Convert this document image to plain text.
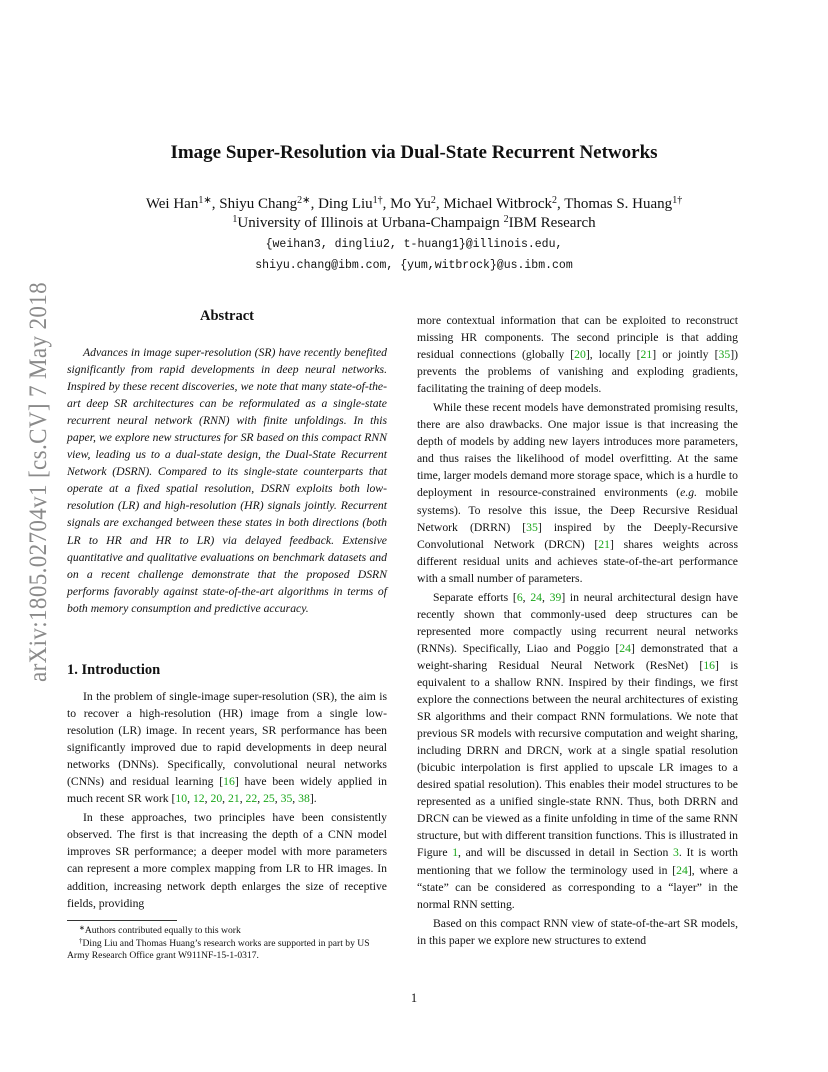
arXiv:1805.02704v1 [cs.CV] 7 May 2018
Image Super-Resolution via Dual-State Recurrent Networks
Wei Han$^{1∗}$, Shiyu Chang$^{2∗}$, Ding Liu$^{1\dagger}$, Mo Yu$^2$, Michael Witbrock$^2$, Thomas S. Huang$^{1\dagger}$
$^1$University of Illinois at Urbana-Champaign $^2$IBM Research
{weihan3, dingliu2, t-huang1}@illinois.edu,
shiyu.chang@ibm.com, {yum,witbrock}@us.ibm.com
Abstract

Advances in image super-resolution (SR) have recently benefited significantly from rapid developments in deep neural networks. Inspired by these recent discoveries, we note that many state-of-the-art deep SR architectures can be reformulated as a single-state recurrent neural network (RNN) with finite unfoldings. In this paper, we explore new structures for SR based on this compact RNN view, leading us to a dual-state design, the Dual-State Recurrent Network (DSRN). Compared to its single-state counterparts that operate at a fixed spatial resolution, DSRN exploits both low-resolution (LR) and high-resolution (HR) signals jointly. Recurrent signals are exchanged between these states in both directions (both LR to HR and HR to LR) via delayed feedback. Extensive quantitative and qualitative evaluations on benchmark datasets and on a recent challenge demonstrate that the proposed DSRN performs favorably against state-of-the-art algorithms in terms of both memory consumption and predictive accuracy.

1. Introduction

In the problem of single-image super-resolution (SR), the aim is to recover a high-resolution (HR) image from a single low-resolution (LR) image. In recent years, SR performance has been significantly improved due to rapid developments in deep neural networks (DNNs). Specifically, convolutional neural networks (CNNs) and residual learning [16] have been widely applied in much recent SR work [10, 12, 20, 21, 22, 25, 35, 38].

In these approaches, two principles have been consistently observed. The first is that increasing the depth of a CNN model improves SR performance; a deeper model with more parameters can represent a more complex mapping from LR to HR images. In addition, increasing network depth enlarges the size of receptive fields, providing

more contextual information that can be exploited to reconstruct missing HR components. The second principle is that adding residual connections (globally [20], locally [21] or jointly [35]) prevents the problems of vanishing and exploding gradients, facilitating the training of deep models.

While these recent models have demonstrated promising results, there are also drawbacks. One major issue is that increasing the depth of models by adding new layers introduces more parameters, and thus raises the likelihood of model overfitting. At the same time, larger models demand more storage space, which is a hurdle to deployment in resource-constrained environments (e.g. mobile systems). To resolve this issue, the Deep Recursive Residual Network (DRRN) [35] inspired by the Deeply-Recursive Convolutional Network (DRCN) [21] shares weights across different residual units and achieves state-of-the-art performance with a small number of parameters.

Separate efforts [6, 24, 39] in neural architectural design have recently shown that commonly-used deep structures can be represented more compactly using recurrent neural networks (RNNs). Specifically, Liao and Poggio [24] demonstrated that a weight-sharing Residual Neural Network (ResNet) [16] is equivalent to a shallow RNN. Inspired by their findings, we first explore the connections between the neural architectures of existing SR algorithms and their compact RNN formulations. We note that previous SR models with recursive computation and weight sharing, including DRRN and DRCN, work at a single spatial resolution (bicubic interpolation is first applied to upscale LR images to a desired spatial resolution). This enables their model structures to be represented as a unified single-state RNN. Thus, both DRRN and DRCN can be viewed as a finite unfolding in time of the same RNN structure, but with different transition functions. This is illustrated in Figure 1, and will be discussed in detail in Section 3. It is worth mentioning that we follow the terminology used in [24], where a “state” can be considered as corresponding to a “layer” in the normal RNN setting.

Based on this compact RNN view of state-of-the-art SR models, in this paper we explore new structures to extend

∗Authors contributed equally to this work

†Ding Liu and Thomas Huang’s research works are supported in part by US Army Research Office grant W911NF-15-1-0317.

1
